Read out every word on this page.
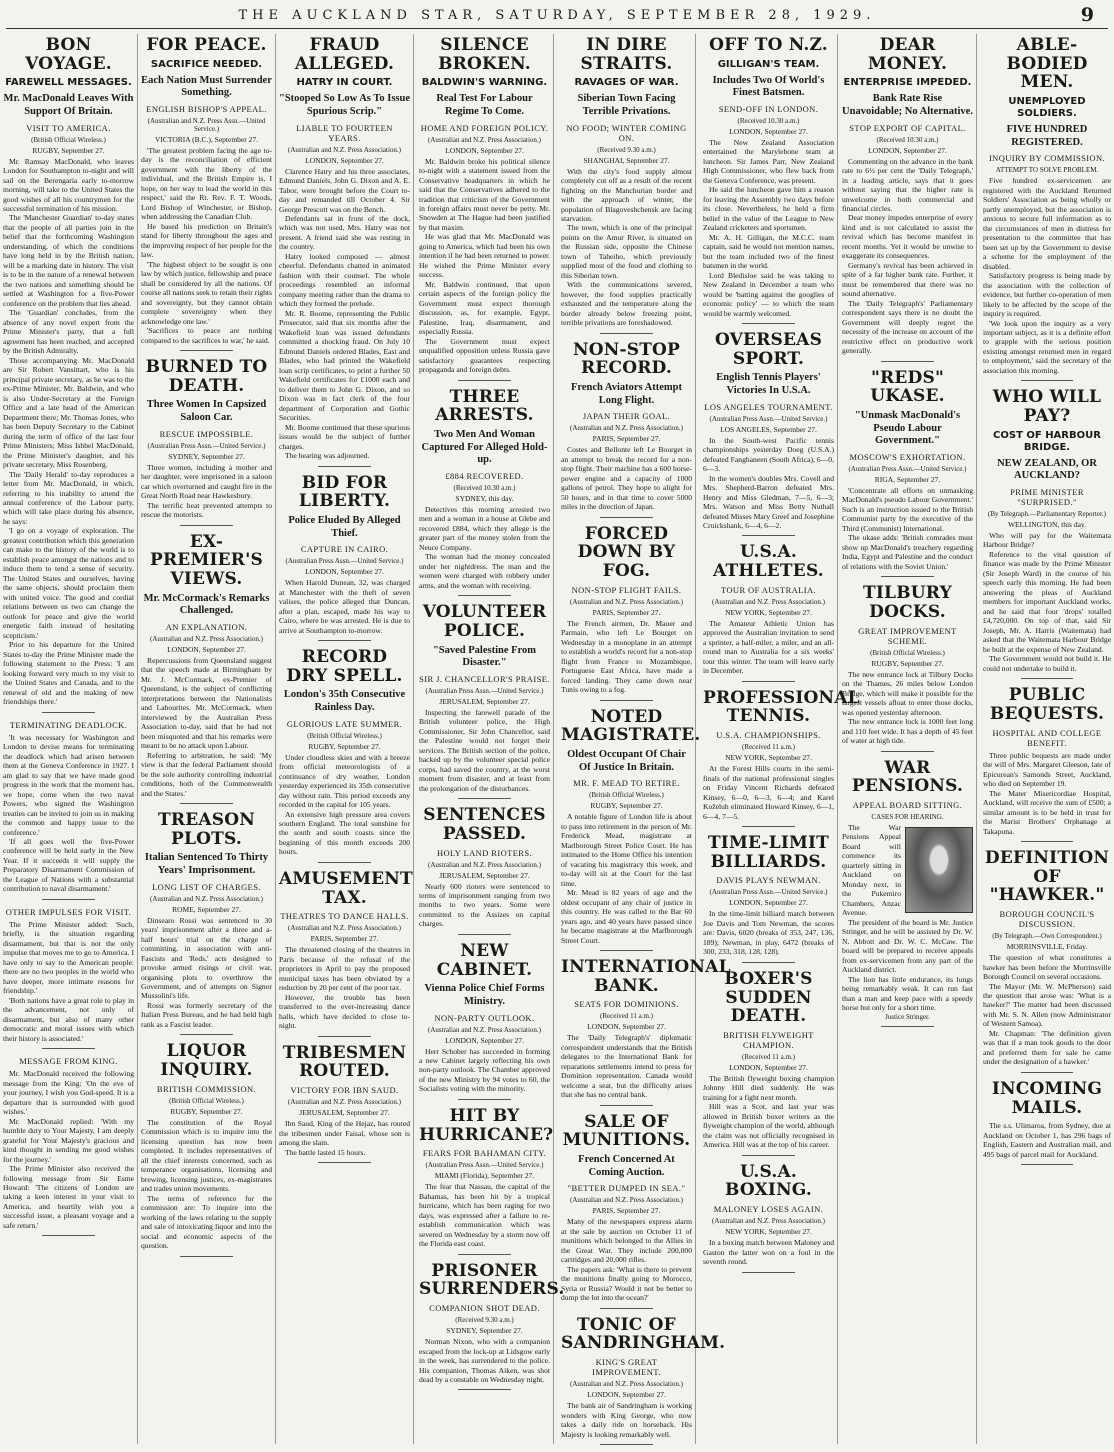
THE AUCKLAND STAR, SATURDAY, SEPTEMBER 28, 1929.	9
BON VOYAGE.
FAREWELL MESSAGES.
Mr. MacDonald Leaves With Support Of Britain.
VISIT TO AMERICA.
(British Official Wireless.)
RUGBY, September 27.

Mr. Ramsay MacDonald, who leaves London for Southampton to-night and will sail on the Berengaria early to-morrow morning, will take to the United States the good wishes of all his countrymen for the successful termination of his mission.

The 'Manchester Guardian' to-day states that the people of all parties join in the belief that the forthcoming Washington understanding, of which the conditions have long held in by the British nation, will be a marking date in history. The visit is to be in the nature of a renewal between the two nations and something should be settled at Washington for a five-Power conference on the problem that lies ahead.

The 'Guardian' concludes, from the absence of any novel expert from the Prime Minister's party, that a full agreement has been reached, and accepted by the British Admiralty.

Those accompanying Mr. MacDonald are Sir Robert Vansittart, who is his principal private secretary, as he was to the ex-Prime Minister, Mr. Baldwin, and who is also Under-Secretary at the Foreign Office and a late head of the American Department there; Mr. Thomas Jones, who has been Deputy Secretary to the Cabinet during the term of office of the last four Prime Ministers; Miss Ishbel MacDonald, the Prime Minister's daughter, and his private secretary, Miss Rosenberg.

The 'Daily Herald' to-day reproduces a letter from Mr. MacDonald, in which, referring to his inability to attend the annual conference of the Labour party, which will take place during his absence, he says:

'I go on a voyage of exploration. The greatest contribution which this generation can make to the history of the world is to establish peace amongst the nations and to induce them to tend a sense of security. The United States and ourselves, having the same objects, should proclaim them with united voice. The good and cordial relations between us two can change the outlook for peace and give the world energetic faith instead of hesitating scepticism.'

Prior to his departure for the United States to-day the Prime Minister made the following statement to the Press: 'I am looking forward very much to my visit to the United States and Canada, and to the renewal of old and the making of new friendships there.'

TERMINATING DEADLOCK.

'It was necessary for Washington and London to devise means for terminating the deadlock which had arisen between them at the Geneva Conference in 1927. I am glad to say that we have made good progress in the work that the moment has, we hope, come when the two naval Powers, who signed the Washington treaties can be invited to join us in making the common and happy issue to the conference.'

'If all goes well the five-Power conference will be held early in the New Year. If it succeeds it will supply the Preparatory Disarmament Commission of the League of Nations with a substantial contribution to naval disarmament.'

OTHER IMPULSES FOR VISIT.

The Prime Minister added: 'Such, briefly, is the situation regarding disarmament, but that is not the only impulse that moves me to go to America. I have only to say to the American people: there are no two peoples in the world who have deeper, more intimate reasons for friendship.'

'Both nations have a great role to play in the advancement, not only of disarmament, but also of many other democratic and moral issues with which their history is associated.'

MESSAGE FROM KING.

Mr. MacDonald received the following message from the King: 'On the eve of your journey, I wish you God-speed. It is a departure that is surrounded with good wishes.'

Mr. MacDonald replied: 'With my humble duty to Your Majesty, I am deeply grateful for Your Majesty's gracious and kind thought in sending me good wishes for the journey.'

The Prime Minister also received the following message from Sir Esme Howard: 'The citizens of London are taking a keen interest in your visit to America, and heartily wish you a successful issue, a pleasant voyage and a safe return.'

FOR PEACE.
SACRIFICE NEEDED.
Each Nation Must Surrender Something.
ENGLISH BISHOP'S APPEAL.
(Australian and N.Z. Press Assn.—United Service.)
VICTORIA (B.C.), September 27.

'The greatest problem facing the age to-day is the reconciliation of efficient government with the liberty of the individual, and the British Empire is, I hope, on her way to lead the world in this respect,' said the Rt. Rev. F. T. Woods, Lord Bishop of Winchester, or Bishop, when addressing the Canadian Club.

He based his prediction on Britain's stand for liberty throughout the ages and the improving respect of her people for the law.

'The highest object to be sought is one law by which justice, fellowship and peace shall be considered by all the nations. Of course all nations seek to retain their rights and sovereignty, but they cannot obtain complete sovereignty when they acknowledge one law.'

'Sacrifices to peace are nothing compared to the sacrifices to war,' he said.

BURNED TO DEATH.
Three Women In Capsized Saloon Car.
RESCUE IMPOSSIBLE.
(Australian Press Assn.—United Service.)
SYDNEY, September 27.

Three women, including a mother and her daughter, were imprisoned in a saloon car which overturned and caught fire in the Great North Road near Hawkesbury.

The terrific heat prevented attempts to rescue the motorists.

EX-PREMIER'S VIEWS.
Mr. McCormack's Remarks Challenged.
AN EXPLANATION.
(Australian and N.Z. Press Association.)
LONDON, September 27.

Repercussions from Queensland suggest that the speech made at Birmingham by Mr. J. McCormack, ex-Premier of Queensland, is the subject of conflicting interpretations between the Nationalists and Labourites. Mr. McCormack, when interviewed by the Australian Press Association to-day, said that he had not been misquoted and that his remarks were meant to be no attack upon Labour.

Referring to arbitration, he said: 'My view is that the federal Parliament should be the sole authority controlling industrial conditions, both of the Commonwealth and the States.'

TREASON PLOTS.
Italian Sentenced To Thirty Years' Imprisonment.
LONG LIST OF CHARGES.
(Australian and N.Z. Press Association.)
ROME, September 27.

Dinsearo Rossi was sentenced to 30 years' imprisonment after a three and a-half hours' trial on the charge of committing, in association with anti-Fascists and 'Reds,' acts designed to provoke armed risings or civil war, organising plots to overthrow the Government, and of attempts on Signor Mussolini's life.

Rossi was formerly secretary of the Italian Press Bureau, and he had held high rank as a Fascist leader.

LIQUOR INQUIRY.
BRITISH COMMISSION.
(British Official Wireless.)
RUGBY, September 27.

The constitution of the Royal Commission which is to inquire into the licensing question has now been completed. It includes representatives of all the chief interests concerned, such as temperance organisations, licensing and brewing, licensing justices, ex-magistrates and trades union movements.

The terms of reference for the commission are: To inquire into the working of the laws relating to the supply and sale of intoxicating liquor and into the social and economic aspects of the question.

FRAUD ALLEGED.
HATRY IN COURT.
"Stooped So Low As To Issue Spurious Scrip."
LIABLE TO FOURTEEN YEARS.
(Australian and N.Z. Press Association.)
LONDON, September 27.

Clarence Hatry and his three associates, Edmund Daniels, John G. Dixon and A. E. Tabor, were brought before the Court to-day and remanded till October 4. Sir George Prescott was on the Bench.

Defendants sat in front of the dock, which was not used. Mrs. Hatry was not present. A friend said she was resting in the country.

Hatry looked composed — almost cheerful. Defendants chatted in animated fashion with their counsel. The whole proceedings resembled an informal company meeting rather than the drama to which they formed the prelude.

Mr. R. Boome, representing the Public Prosecutor, said that six months after the Wakefield loan was issued defendants committed a shocking fraud. On July 10 Edmund Daniels ordered Blades, East and Blades, who had printed the Wakefield loan scrip certificates, to print a further 50 Wakefield certificates for £1000 each and to deliver them to John G. Dixon, and so Dixon was in fact clerk of the four department of Corporation and Gothic Securities.

Mr. Boome continued that these spurious issues would be the subject of further charges.

The hearing was adjourned.

BID FOR LIBERTY.
Police Eluded By Alleged Thief.
CAPTURE IN CAIRO.
(Australian Press Assn.—United Service.)
LONDON, September 27.

When Harold Dunean, 32, was charged at Manchester with the theft of seven valises, the police alleged that Duncan, after a plan, escaped, made his way to Cairo, where he was arrested. He is due to arrive at Southampton to-morrow.

RECORD DRY SPELL.
London's 35th Consecutive Rainless Day.
GLORIOUS LATE SUMMER.
(British Official Wireless.)
RUGBY, September 27.

Under cloudless skies and with a breeze from official meteorologists of a continuance of dry weather, London yesterday experienced its 35th consecutive day without rain. This period exceeds any recorded in the capital for 105 years.

An extensive high pressure area covers southern England. The total sunshine for the south and south coasts since the beginning of this month exceeds 200 hours.

AMUSEMENT TAX.
THEATRES TO DANCE HALLS.
(Australian and N.Z. Press Association.)
PARIS, September 27.

The threatened closing of the theatres in Paris because of the refusal of the proprietors in April to pay the proposed municipal taxes has been obviated by a reduction by 20 per cent of the poor tax.

However, the trouble has been transferred to the ever-increasing dance halls, which have decided to close to-night.

TRIBESMEN ROUTED.
VICTORY FOR IBN SAUD.
(Australian and N.Z. Press Association.)
JERUSALEM, September 27.

Ibn Saud, King of the Hejaz, has routed the tribesmen under Faisal, whose son is among the slain.

The battle lasted 15 hours.

SILENCE BROKEN.
BALDWIN'S WARNING.
Real Test For Labour Regime To Come.
HOME AND FOREIGN POLICY.
(Australian and N.Z. Press Association.)
LONDON, September 27.

Mr. Baldwin broke his political silence to-night with a statement issued from the Conservative headquarters in which he said that the Conservatives adhered to the tradition that criticism of the Government in foreign affairs must never be petty. Mr. Snowden at The Hague had been justified by that maxim.

He was glad that Mr. MacDonald was going to America, which had been his own intention if he had been returned to power. He wished the Prime Minister every success.

Mr. Baldwin continued, that upon certain aspects of the foreign policy the Government must expect thorough discussion, as, for example, Egypt, Palestine, Iraq, disarmament, and especially Russia.

The Government must expect unqualified opposition unless Russia gave satisfactory guarantees respecting propaganda and foreign debts.

THREE ARRESTS.
Two Men And Woman Captured For Alleged Hold-up.
£884 RECOVERED.
(Received 10.30 a.m.)
SYDNEY, this day.

Detectives this morning arrested two men and a woman in a house at Glebe and recovered £884, which they allege is the greater part of the money stolen from the Neuce Company.

The woman had the money concealed under her nightdress. The man and the women were charged with robbery under arms, and the woman with receiving.

VOLUNTEER POLICE.
"Saved Palestine From Disaster."
SIR J. CHANCELLOR'S PRAISE.
(Australian Press Assn.—United Service.)
JERUSALEM, September 27.

Inspecting the farewell parade of the British volunteer police, the High Commissioner, Sir John Chancellor, said the Palestine would not forget their services. The British section of the police, backed up by the volunteer special police corps, had saved the country, at the worst moment from disaster, and at least from the prolongation of the disturbances.

SENTENCES PASSED.
HOLY LAND RIOTERS.
(Australian and N.Z. Press Association.)
JERUSALEM, September 27.

Nearly 600 rioters were sentenced to terms of imprisonment ranging from two months to two years. Some were committed to the Assizes on capital charges.

NEW CABINET.
Vienna Police Chief Forms Ministry.
NON-PARTY OUTLOOK.
(Australian and N.Z. Press Association.)
LONDON, September 27.

Herr Schober has succeeded in forming a new Cabinet largely reflecting his own non-party outlook. The Chamber approved of the new Ministry by 94 votes to 60, the Socialists voting with the minority.

HIT BY HURRICANE?
FEARS FOR BAHAMAN CITY.
(Australian Press Assn.—United Service.)
MIAMI (Florida), September 27.

The fear that Nassau, the capital of the Bahamas, has been hit by a tropical hurricane, which has been raging for two days, was expressed after a failure to re-establish communication which was severed on Wednesday by a storm now off the Florida east coast.

PRISONER SURRENDERS.
COMPANION SHOT DEAD.
(Received 9.30 a.m.)
SYDNEY, September 27.

Norman Nixon, who with a companion escaped from the lock-up at Lidsgow early in the week, has surrendered to the police. His companion, Thomas Aiken, was shot dead by a constable on Wednesday night.

IN DIRE STRAITS.
RAVAGES OF WAR.
Siberian Town Facing Terrible Privations.
NO FOOD; WINTER COMING ON.
(Received 9.30 a.m.)
SHANGHAI, September 27.

With the city's food supply almost completely cut off as a result of the recent fighting on the Manchurian border and with the approach of winter, the population of Blagoveshchensk are facing starvation.

The town, which is one of the principal points on the Amur River, is situated on the Russian side, opposite the Chinese town of Taheiho, which previously supplied most of the food and clothing to this Siberian town.

With the communications severed, however, the food supplies practically exhausted and the temperature along the border already below freezing point, terrible privations are foreshadowed.

NON-STOP RECORD.
French Aviators Attempt Long Flight.
JAPAN THEIR GOAL.
(Australian and N.Z. Press Association.)
PARIS, September 27.

Costes and Bellonte left Le Bourget in an attempt to break the record for a non-stop flight. Their machine has a 600 horse-power engine and a capacity of 1000 gallons of petrol. They hope to alight for 50 hours, and in that time to cover 5000 miles in the direction of Japan.

FORCED DOWN BY FOG.
NON-STOP FLIGHT FAILS.
(Australian and N.Z. Press Association.)
PARIS, September 27.

The French airmen, Dr. Mauer and Parmain, who left Le Bourget on Wednesday in a monoplane in an attempt to establish a world's record for a non-stop flight from France to Mozambique, Portuguese East Africa, have made a forced landing. They came down near Tunis owing to a fog.

NOTED MAGISTRATE.
Oldest Occupant Of Chair Of Justice In Britain.
MR. F. MEAD TO RETIRE.
(British Official Wireless.)
RUGBY, September 27.

A notable figure of London life is about to pass into retirement in the person of Mr. Frederick Mead, magistrate at Marlborough Street Police Court. He has intimated to the Home Office his intention of vacating his magistracy this week, and to-day will sit at the Court for the last time.

Mr. Mead is 82 years of age and the oldest occupant of any chair of justice in this country. He was called to the Bar 60 years ago, and 40 years have passed since he became magistrate at the Marlborough Street Court.

INTERNATIONAL BANK.
SEATS FOR DOMINIONS.
(Received 11 a.m.)
LONDON, September 27.

The 'Daily Telegraph's' diplomatic correspondent understands that the British delegates to the International Bank for reparations settlements intend to press for Dominion representation. Canada would welcome a seat, but the difficulty arises that she has no central bank.

SALE OF MUNITIONS.
French Concerned At Coming Auction.
"BETTER DUMPED IN SEA."
(Australian and N.Z. Press Association.)
PARIS, September 27.

Many of the newspapers express alarm at the sale by auction on October 11 of munitions which belonged to the Allies in the Great War. They include 200,000 cartridges and 20,000 rifles.

The papers ask: 'What is there to prevent the munitions finally going to Morocco, Syria or Russia? Would it not be better to dump the lot into the ocean?'

TONIC OF SANDRINGHAM.
KING'S GREAT IMPROVEMENT.
(Australian and N.Z. Press Association.)
LONDON, September 27.

The bank air of Sandringham is working wonders with King George, who now takes a daily ride on horseback. His Majesty is looking remarkably well.

OFF TO N.Z.
GILLIGAN'S TEAM.
Includes Two Of World's Finest Batsmen.
SEND-OFF IN LONDON.
(Received 10.30 a.m.)
LONDON, September 27.

The New Zealand Association entertained the Marylebone team at luncheon. Sir James Parr, New Zealand High Commissioner, who flew back from the Geneva Conference, was present.

He said the luncheon gave him a reason for leaving the Assembly two days before its close. Nevertheless, he held a firm belief in the value of the League to New Zealand cricketers and sportsmen.

Mr. A. H. Gilligan, the M.C.C. team captain, said he would not mention names, but the team included two of the finest batsmen in the world.

Lord Bledisloe said he was taking to New Zealand in December a team who would be 'batting against the googlies of economic policy' — to which the team would be warmly welcomed.

OVERSEAS SPORT.
English Tennis Players' Victories In U.S.A.
LOS ANGELES TOURNAMENT.
(Australian Press Assn.—United Service.)
LOS ANGELES, September 27.

In the South-west Pacific tennis championships yesterday Doeg (U.S.A.) defeated Fanghaneen (South Africa), 6—0, 6—3.

In the women's doubles Mrs. Covell and Mrs. Shepherd-Barron defeated Mrs. Henry and Miss Gledman, 7—5, 6—3; Mrs. Watson and Miss Betty Nuthall defeated Misses Mary Greef and Josephine Cruickshank, 6—4, 6—2.

U.S.A. ATHLETES.
TOUR OF AUSTRALIA.
(Australian and N.Z. Press Association.)
NEW YORK, September 27.

The Amateur Athletic Union has approved the Australian invitation to send a sprinter, a half-miler, a miler, and an all-round man to Australia for a six weeks' tour this winter. The team will leave early in December.

PROFESSIONAL TENNIS.
U.S.A. CHAMPIONSHIPS.
(Received 11 a.m.)
NEW YORK, September 27.

At the Forest Hills courts in the semi-finals of the national professional singles on Friday Vincent Richards defeated Kinsey, 6—0, 6—3, 6—4; and Karel Koželuh eliminated Howard Kinsey, 6—1, 6—4, 7—5.

TIME-LIMIT BILLIARDS.
DAVIS PLAYS NEWMAN.
(Australian Press Assn.—United Service.)
LONDON, September 27.

In the time-limit billiard match between Joe Davis and Tom Newman, the scores are: Davis, 6020 (breaks of 353, 247, 136, 189); Newman, in play, 6472 (breaks of 300, 233, 318, 128, 128).

BOXER'S SUDDEN DEATH.
BRITISH FLYWEIGHT CHAMPION.
(Received 11 a.m.)
LONDON, September 27.

The British flyweight boxing champion Johnny Hill died suddenly. He was training for a fight next month.

Hill was a Scot, and last year was allowed in British boxer writers as the flyweight champion of the world, although the claim was not officially recognised in America. Hill was at the top of his career.

U.S.A. BOXING.
MALONEY LOSES AGAIN.
(Australian and N.Z. Press Association.)
NEW YORK, September 27.

In a boxing match between Maloney and Gaston the latter won on a foul in the seventh round.

DEAR MONEY.
ENTERPRISE IMPEDED.
Bank Rate Rise Unavoidable; No Alternative.
STOP EXPORT OF CAPITAL.
(Received 10.30 a.m.)
LONDON, September 27.

Commenting on the advance in the bank rate to 6½ per cent the 'Daily Telegraph,' in a leading article, says that it goes without saying that the higher rate is unwelcome in both commercial and financial circles.

Dear money impedes enterprise of every kind and is not calculated to assist the revival which has become manifest in recent months. Yet it would be unwise to exaggerate its consequences.

Germany's revival has been achieved in spite of a far higher bank rate. Further, it must be remembered that there was no sound alternative.

The 'Daily Telegraph's' Parliamentary correspondent says there is no doubt the Government will deeply regret the necessity of the increase on account of the restrictive effect on productive work generally.

"REDS" UKASE.
"Unmask MacDonald's Pseudo Labour Government."
MOSCOW'S EXHORTATION.
(Australian Press Assn.—United Service.)
RIGA, September 27.

'Concentrate all efforts on unmasking MacDonald's pseudo Labour Government.' Such is an instruction issued to the British Communist party by the executive of the Third (Communist) International.

The ukase adds: 'British comrades must show up MacDonald's treachery regarding India, Egypt and Palestine and the conduct of relations with the Soviet Union.'

TILBURY DOCKS.
GREAT IMPROVEMENT SCHEME.
(British Official Wireless.)
RUGBY, September 27.

The new entrance lock at Tilbury Docks on the Thames, 26 miles below London Bridge, which will make it possible for the largest vessels afloat to enter those docks, was opened yesterday afternoon.

The new entrance lock is 1000 feet long and 110 feet wide. It has a depth of 45 feet of water at high tide.

WAR PENSIONS.
APPEAL BOARD SITTING.
CASES FOR HEARING.

The War Pensions Appeal Board will commence its quarterly sitting in Auckland on Monday next, in the Pukemiro Chambers, Anzac Avenue.

The president of the board is Mr. Justice Stringer, and he will be assisted by Dr. W. N. Abbott and Dr. W. C. McCaw. The board will be prepared to receive appeals from ex-servicemen from any part of the Auckland district.

The lion has little endurance, its lungs being remarkably weak. It can run fast than a man and keep pace with a speedy horse but only for a short time.

Justice Stringer.
ABLE-BODIED MEN.
UNEMPLOYED SOLDIERS.
FIVE HUNDRED REGISTERED.
INQUIRY BY COMMISSION.
ATTEMPT TO SOLVE PROBLEM.

Five hundred ex-servicemen are registered with the Auckland Returned Soldiers' Association as being wholly or partly unemployed, but the association is anxious to secure full information as to the circumstances of men in distress for presentation to the committee that has been set up by the Government to devise a scheme for the employment of the disabled.

Satisfactory progress is being made by the association with the collection of evidence, but further co-operation of men likely to be affected by the scope of the inquiry is required.

'We look upon the inquiry as a very important subject, as it is a definite effort to grapple with the serious position existing amongst returned men in regard to employment,' said the secretary of the association this morning.

WHO WILL PAY?
COST OF HARBOUR BRIDGE.
NEW ZEALAND, OR AUCKLAND?
PRIME MINISTER "SURPRISED."
(By Telegraph.—Parliamentary Reporter.)
WELLINGTON, this day.

Who will pay for the Waitemata Harbour Bridge?

Reference to the vital question of finance was made by the Prime Minister (Sir Joseph Ward) in the course of his speech early this morning. He had been answering the pleas of Auckland members for important Auckland works, and he said that four 'drops' totalled £4,720,000. On top of that, said Sir Joseph, Mr. A. Harris (Waitemata) had asked that the Waitemata Harbour Bridge be built at the expense of New Zealand.

The Government would not build it. He could not undertake to build it.

PUBLIC BEQUESTS.
HOSPITAL AND COLLEGE BENEFIT.

Three public bequests are made under the will of Mrs. Margaret Gleeson, late of Epicurean's Samonds Street, Auckland, who died on September 19.

The Mater Misericordiae Hospital, Auckland, will receive the sum of £500; a similar amount is to be held in trust for the Marist Brothers' Orphanage at Takapuna.

DEFINITION OF "HAWKER."
BOROUGH COUNCIL'S DISCUSSION.
(By Telegraph.—Own Correspondent.)
MORRINSVILLE, Friday.

The question of what constitutes a hawker has been before the Morrinsville Borough Council on several occasions.

The Mayor (Mr. W. McPherson) said the question that arose was: 'What is a hawker?' The matter had been discussed with Mr. S. N. Allen (now Administrator of Western Samoa).

Mr. Chapman: 'The definition given was that if a man took goods to the door and preferred them for sale he came under the designation of a hawker.'

INCOMING MAILS.

The s.s. Ulimaroa, from Sydney, due at Auckland on October 1, has 296 bags of English, Eastern and Australian mail, and 495 bags of parcel mail for Auckland.
